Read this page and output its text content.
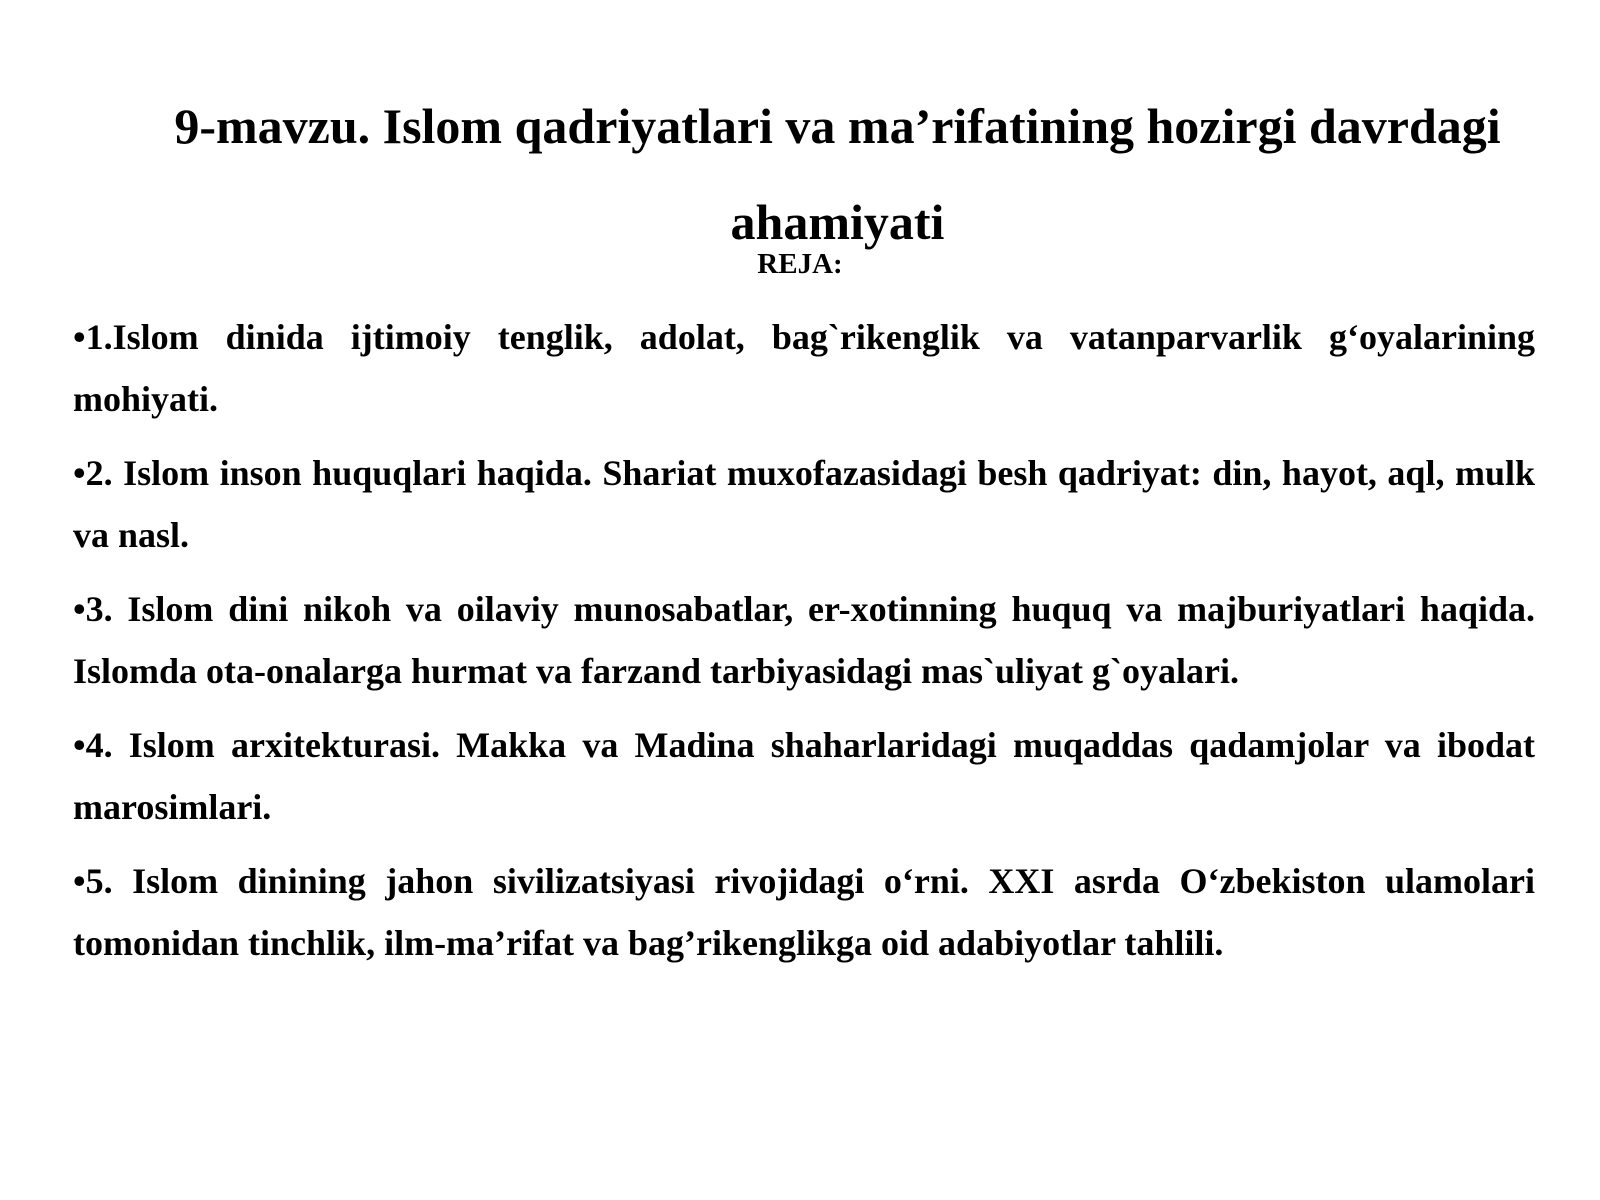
9-mavzu. Islom qadriyatlari va ma’rifatining hozirgi davrdagi ahamiyati
REJA:
•1.Islom dinida ijtimoiy tenglik, adolat, bag`rikenglik va vatanparvarlik g‘oyalarining mohiyati.
•2. Islom inson huquqlari haqida. Shariat muxofazasidagi besh qadriyat: din, hayot, aql, mulk va nasl.
•3. Islom dini nikoh va oilaviy munosabatlar, er-xotinning huquq va majburiyatlari haqida. Islomda ota-onalarga hurmat va farzand tarbiyasidagi mas`uliyat g`oyalari.
•4. Islom arxitekturasi. Makka va Madina shaharlaridagi muqaddas qadamjolar va ibodat marosimlari.
•5. Islom dinining jahon sivilizatsiyasi rivojidagi o‘rni. XXI asrda O‘zbekiston ulamolari tomonidan tinchlik, ilm-ma’rifat va bag’rikenglikga oid adabiyotlar tahlili.
